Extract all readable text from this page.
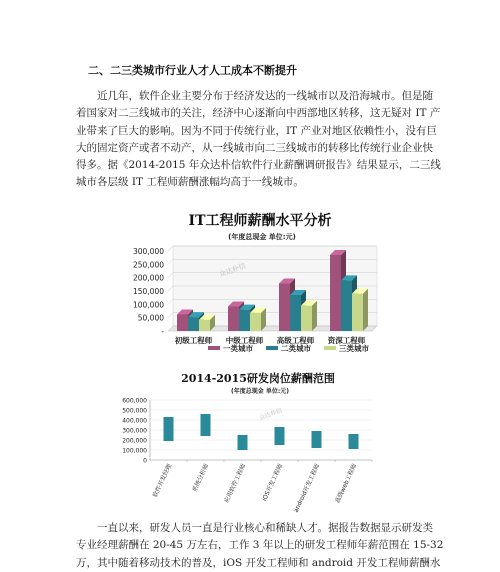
二、二三类城市行业人才人工成本不断提升
近几年，软件企业主要分布于经济发达的一线城市以及沿海城市。但是随
着国家对二三线城市的关注，经济中心逐渐向中西部地区转移，这无疑对 IT 产
业带来了巨大的影响。因为不同于传统行业，IT 产业对地区依赖性小，没有巨
大的固定资产或者不动产，从一线城市向二三线城市的转移比传统行业企业快
得多。据《2014-2015 年众达朴信软件行业薪酬调研报告》结果显示，二三线
城市各层级 IT 工程师薪酬涨幅均高于一线城市。
IT工程师薪酬水平分析
(年度总现金 单位:元)
-
50,000
100,000
150,000
200,000
250,000
300,000
初级工程师 中级工程师 高级工程师 资深工程师
一类城市	二类城市	三类城市
众达朴信
2014-2015研发岗位薪酬范围
(年度总现金 单位:元)
0
100,000
200,000
300,000
400,000
500,000
600,000
软件开发经理	系统分析师 应用软件工程师 iOS开发工程师 android开发工程师 高级web工程师
众达朴信
一直以来，研发人员一直是行业核心和稀缺人才。据报告数据显示研发类
专业经理薪酬在 20-45 万左右，工作 3 年以上的研发工程师年薪范围在 15-32
万，其中随着移动技术的普及，iOS 开发工程师和 android 开发工程师薪酬水
